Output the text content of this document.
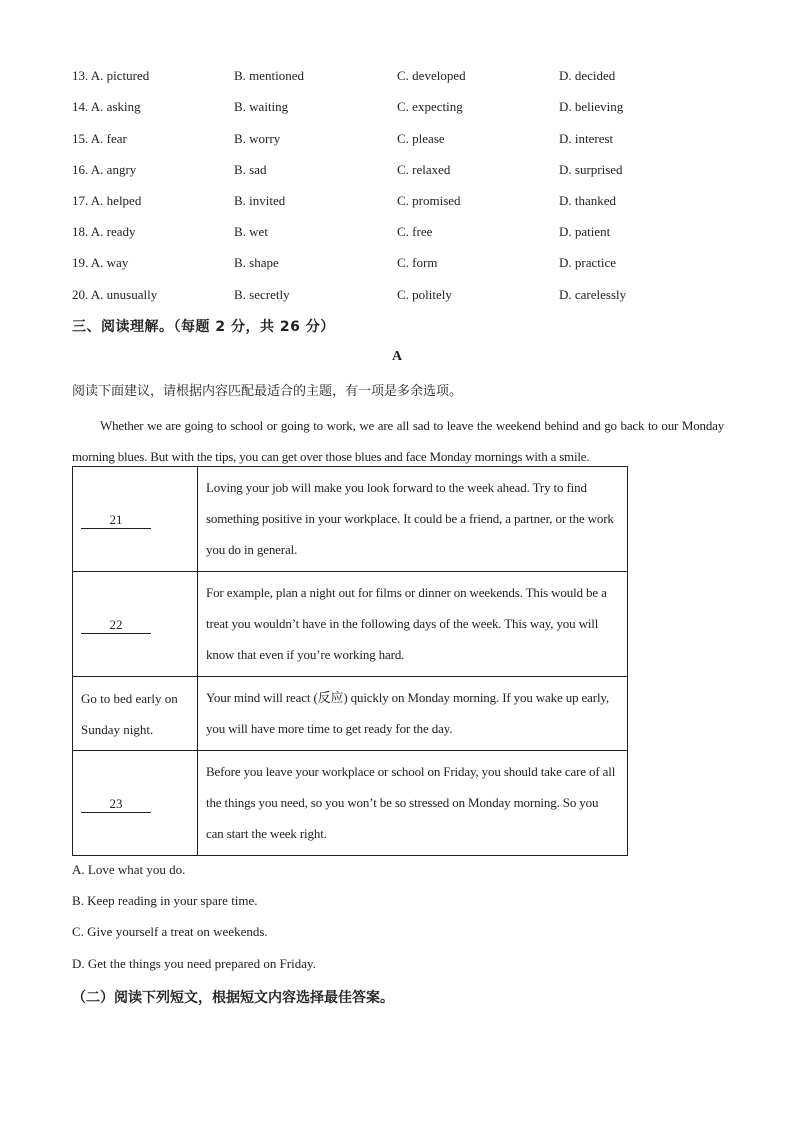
13. A. pictured	B. mentioned	C. developed	D. decided
14. A. asking	B. waiting	C. expecting	D. believing
15. A. fear	B. worry	C. please	D. interest
16. A. angry	B. sad	C. relaxed	D. surprised
17. A. helped	B. invited	C. promised	D. thanked
18. A. ready	B. wet	C. free	D. patient
19. A. way	B. shape	C. form	D. practice
20. A. unusually	B. secretly	C. politely	D. carelessly
三、阅读理解。（每题 2 分，共 26 分）
A
阅读下面建议，请根据内容匹配最适合的主题，有一项是多余选项。
Whether we are going to school or going to work, we are all sad to leave the weekend behind and go back to our Monday morning blues. But with the tips, you can get over those blues and face Monday mornings with a smile.
21	Loving your job will make you look forward to the week ahead. Try to find something positive in your workplace. It could be a friend, a partner, or the work you do in general.
22	For example, plan a night out for films or dinner on weekends. This would be a treat you wouldn’t have in the following days of the week. This way, you will know that even if you’re working hard.
Go to bed early on Sunday night.	Your mind will react (反应) quickly on Monday morning. If you wake up early, you will have more time to get ready for the day.
23	Before you leave your workplace or school on Friday, you should take care of all the things you need, so you won’t be so stressed on Monday morning. So you can start the week right.
A. Love what you do.
B. Keep reading in your spare time.
C. Give yourself a treat on weekends.
D. Get the things you need prepared on Friday.
（二）阅读下列短文，根据短文内容选择最佳答案。
